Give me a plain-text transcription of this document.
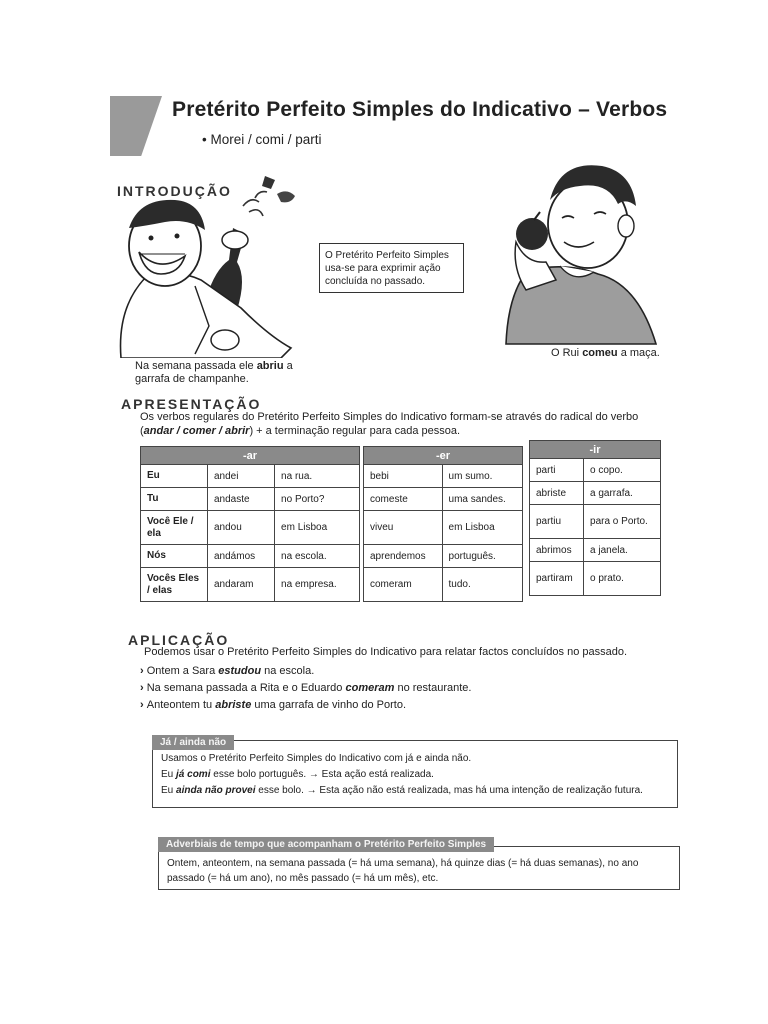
Pretérito Perfeito Simples do Indicativo – Verbos
• Morei / comi / parti
INTRODUÇÃO
O Pretérito Perfeito Simples usa-se para exprimir ação concluída no passado.
Na semana passada ele abriu a garrafa de champanhe.
O Rui comeu a maça.
APRESENTAÇÃO
Os verbos regulares do Pretérito Perfeito Simples do Indicativo formam-se através do radical do verbo (andar / comer / abrir) + a terminação regular para cada pessoa.
-ar		
Eu	andei	na rua.
Tu	andaste	no Porto?
Você Ele / ela	andou	em Lisboa
Nós	andámos	na escola.
Vocês Eles / elas	andaram	na empresa.
-er	
bebi	um sumo.
comeste	uma sandes.
viveu	em Lisboa
aprendemos	português.
comeram	tudo.
-ir	
parti	o copo.
abriste	a garrafa.
partiu	para o Porto.
abrimos	a janela.
partiram	o prato.
APLICAÇÃO
Podemos usar o Pretérito Perfeito Simples do Indicativo para relatar factos concluídos no passado.
› Ontem a Sara estudou na escola.
› Na semana passada a Rita e o Eduardo comeram no restaurante.
› Anteontem tu abriste uma garrafa de vinho do Porto.
Usamos o Pretérito Perfeito Simples do Indicativo com já e ainda não.
Eu já comi esse bolo português. → Esta ação está realizada.
Eu ainda não provei esse bolo. → Esta ação não está realizada, mas há uma intenção de realização futura.
Já / ainda não
Ontem, anteontem, na semana passada (= há uma semana), há quinze dias (= há duas semanas), no ano passado (= há um ano), no mês passado (= há um mês), etc.
Adverbiais de tempo que acompanham o Pretérito Perfeito Simples
